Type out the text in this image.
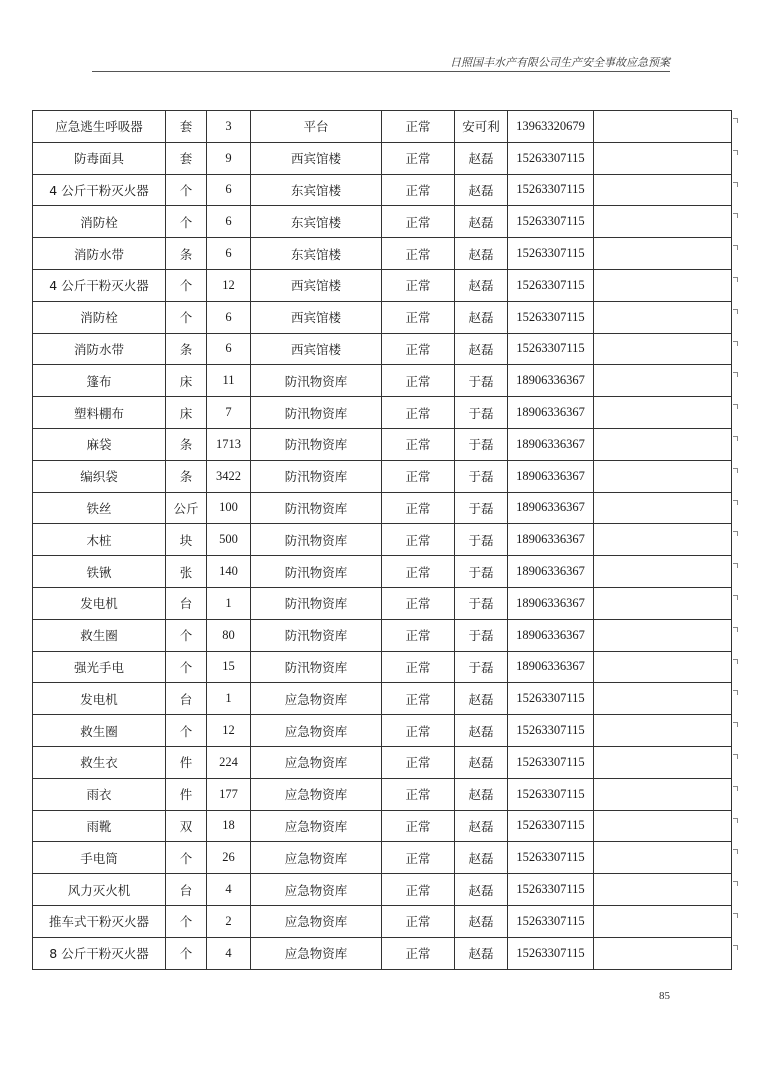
日照国丰水产有限公司生产安全事故应急预案
应急逃生呼吸器	套	3	平台	正常	安可利	13963320679	
防毒面具	套	9	西宾馆楼	正常	赵磊	15263307115	
4 公斤干粉灭火器	个	6	东宾馆楼	正常	赵磊	15263307115	
消防栓	个	6	东宾馆楼	正常	赵磊	15263307115	
消防水带	条	6	东宾馆楼	正常	赵磊	15263307115	
4 公斤干粉灭火器	个	12	西宾馆楼	正常	赵磊	15263307115	
消防栓	个	6	西宾馆楼	正常	赵磊	15263307115	
消防水带	条	6	西宾馆楼	正常	赵磊	15263307115	
篷布	床	11	防汛物资库	正常	于磊	18906336367	
塑料棚布	床	7	防汛物资库	正常	于磊	18906336367	
麻袋	条	1713	防汛物资库	正常	于磊	18906336367	
编织袋	条	3422	防汛物资库	正常	于磊	18906336367	
铁丝	公斤	100	防汛物资库	正常	于磊	18906336367	
木桩	块	500	防汛物资库	正常	于磊	18906336367	
铁锹	张	140	防汛物资库	正常	于磊	18906336367	
发电机	台	1	防汛物资库	正常	于磊	18906336367	
救生圈	个	80	防汛物资库	正常	于磊	18906336367	
强光手电	个	15	防汛物资库	正常	于磊	18906336367	
发电机	台	1	应急物资库	正常	赵磊	15263307115	
救生圈	个	12	应急物资库	正常	赵磊	15263307115	
救生衣	件	224	应急物资库	正常	赵磊	15263307115	
雨衣	件	177	应急物资库	正常	赵磊	15263307115	
雨靴	双	18	应急物资库	正常	赵磊	15263307115	
手电筒	个	26	应急物资库	正常	赵磊	15263307115	
风力灭火机	台	4	应急物资库	正常	赵磊	15263307115	
推车式干粉灭火器	个	2	应急物资库	正常	赵磊	15263307115	
8 公斤干粉灭火器	个	4	应急物资库	正常	赵磊	15263307115	
85
